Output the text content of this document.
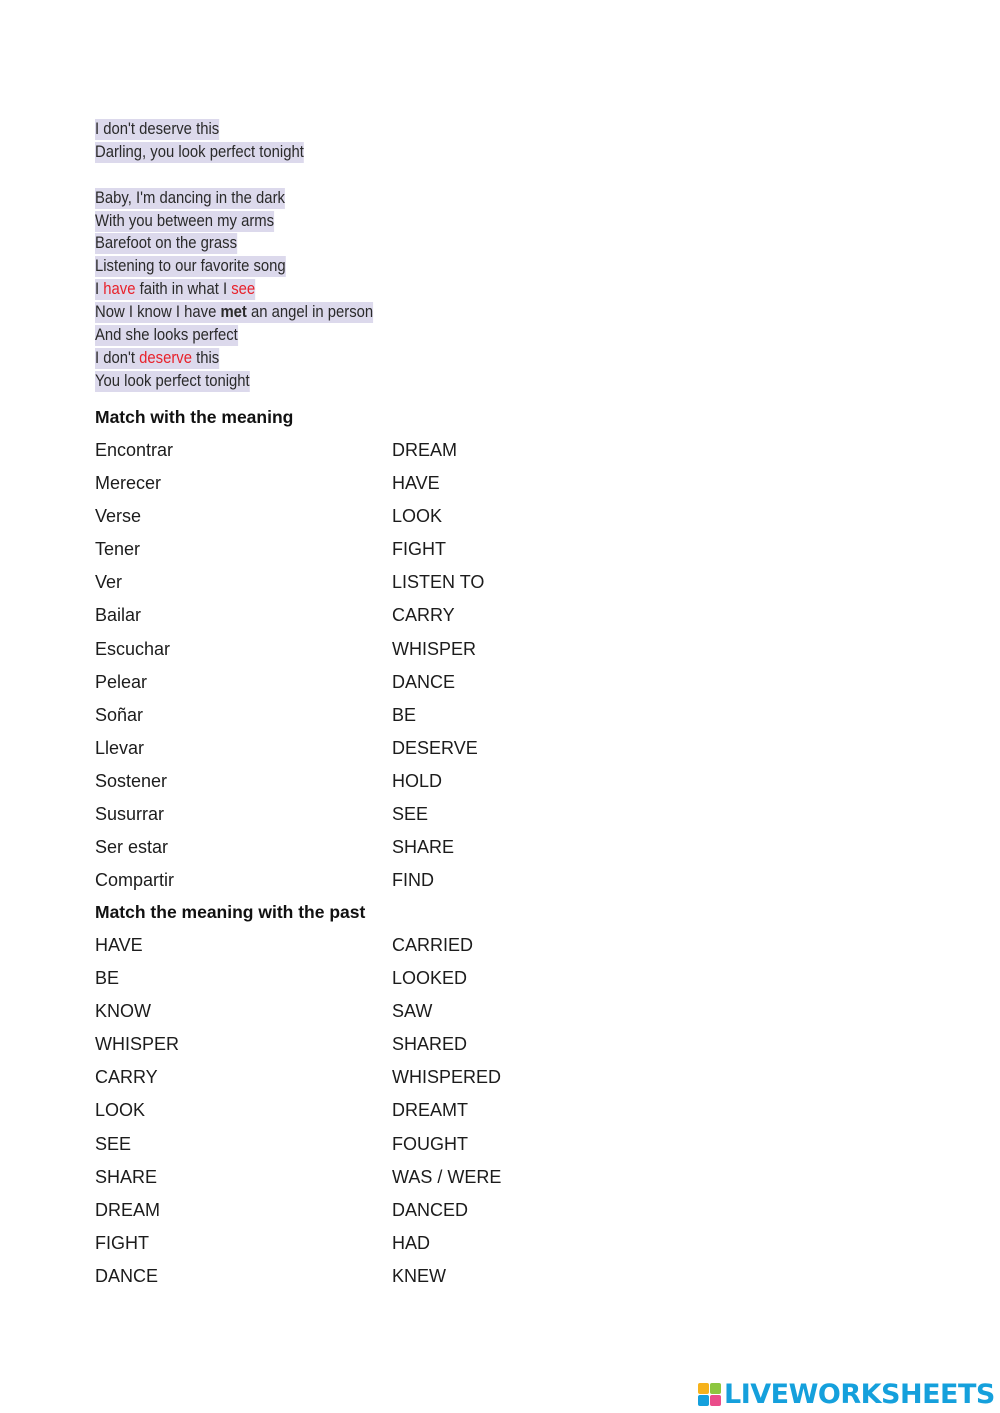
I don't deserve this
Darling, you look perfect tonight
Baby, I'm dancing in the dark
With you between my arms
Barefoot on the grass
Listening to our favorite song
I have faith in what I see
Now I know I have met an angel in person
And she looks perfect
I don't deserve this
You look perfect tonight
Match with the meaning
Encontrar	DREAM
Merecer	HAVE
Verse	LOOK
Tener	FIGHT
Ver	LISTEN TO
Bailar	CARRY
Escuchar	WHISPER
Pelear	DANCE
Soñar	BE
Llevar	DESERVE
Sostener	HOLD
Susurrar	SEE
Ser estar	SHARE
Compartir	FIND
Match the meaning with the past
HAVE	CARRIED
BE	LOOKED
KNOW	SAW
WHISPER	SHARED
CARRY	WHISPERED
LOOK	DREAMT
SEE	FOUGHT
SHARE	WAS / WERE
DREAM	DANCED
FIGHT	HAD
DANCE	KNEW
LIVEWORKSHEETS
